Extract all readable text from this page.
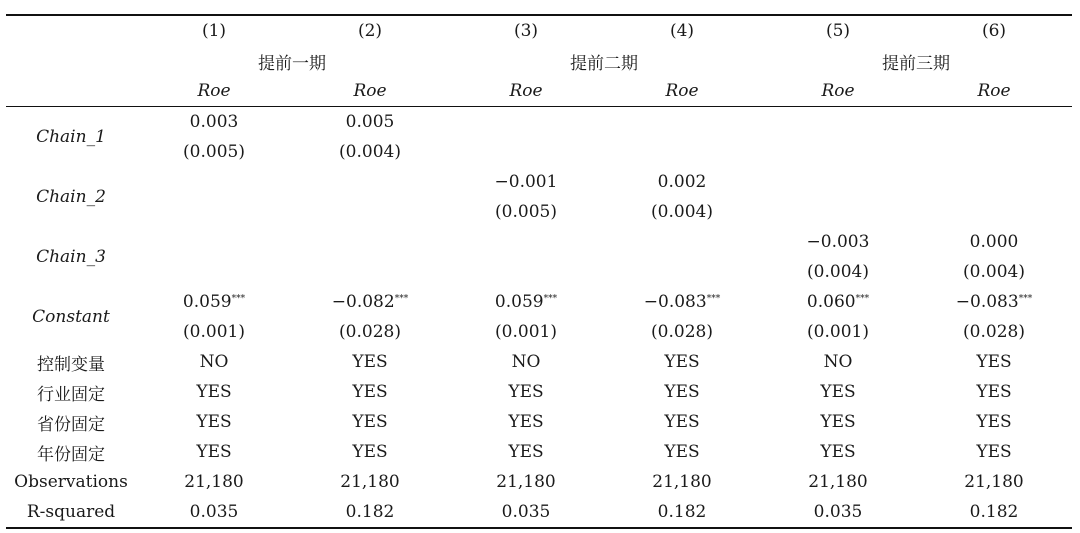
	(1)	(2)	(3)	(4)	(5)	(6)
	提前一期		提前二期		提前三期	
	Roe	Roe	Roe	Roe	Roe	Roe
Chain_1	0.003	0.005				
	(0.005)	(0.004)				
Chain_2			−0.001	0.002		
			(0.005)	(0.004)		
Chain_3					−0.003	0.000
					(0.004)	(0.004)
Constant	0.059***	−0.082***	0.059***	−0.083***	0.060***	−0.083***
	(0.001)	(0.028)	(0.001)	(0.028)	(0.001)	(0.028)
控制变量	NO	YES	NO	YES	NO	YES
行业固定	YES	YES	YES	YES	YES	YES
省份固定	YES	YES	YES	YES	YES	YES
年份固定	YES	YES	YES	YES	YES	YES
Observations	21,180	21,180	21,180	21,180	21,180	21,180
R-squared	0.035	0.182	0.035	0.182	0.035	0.182
